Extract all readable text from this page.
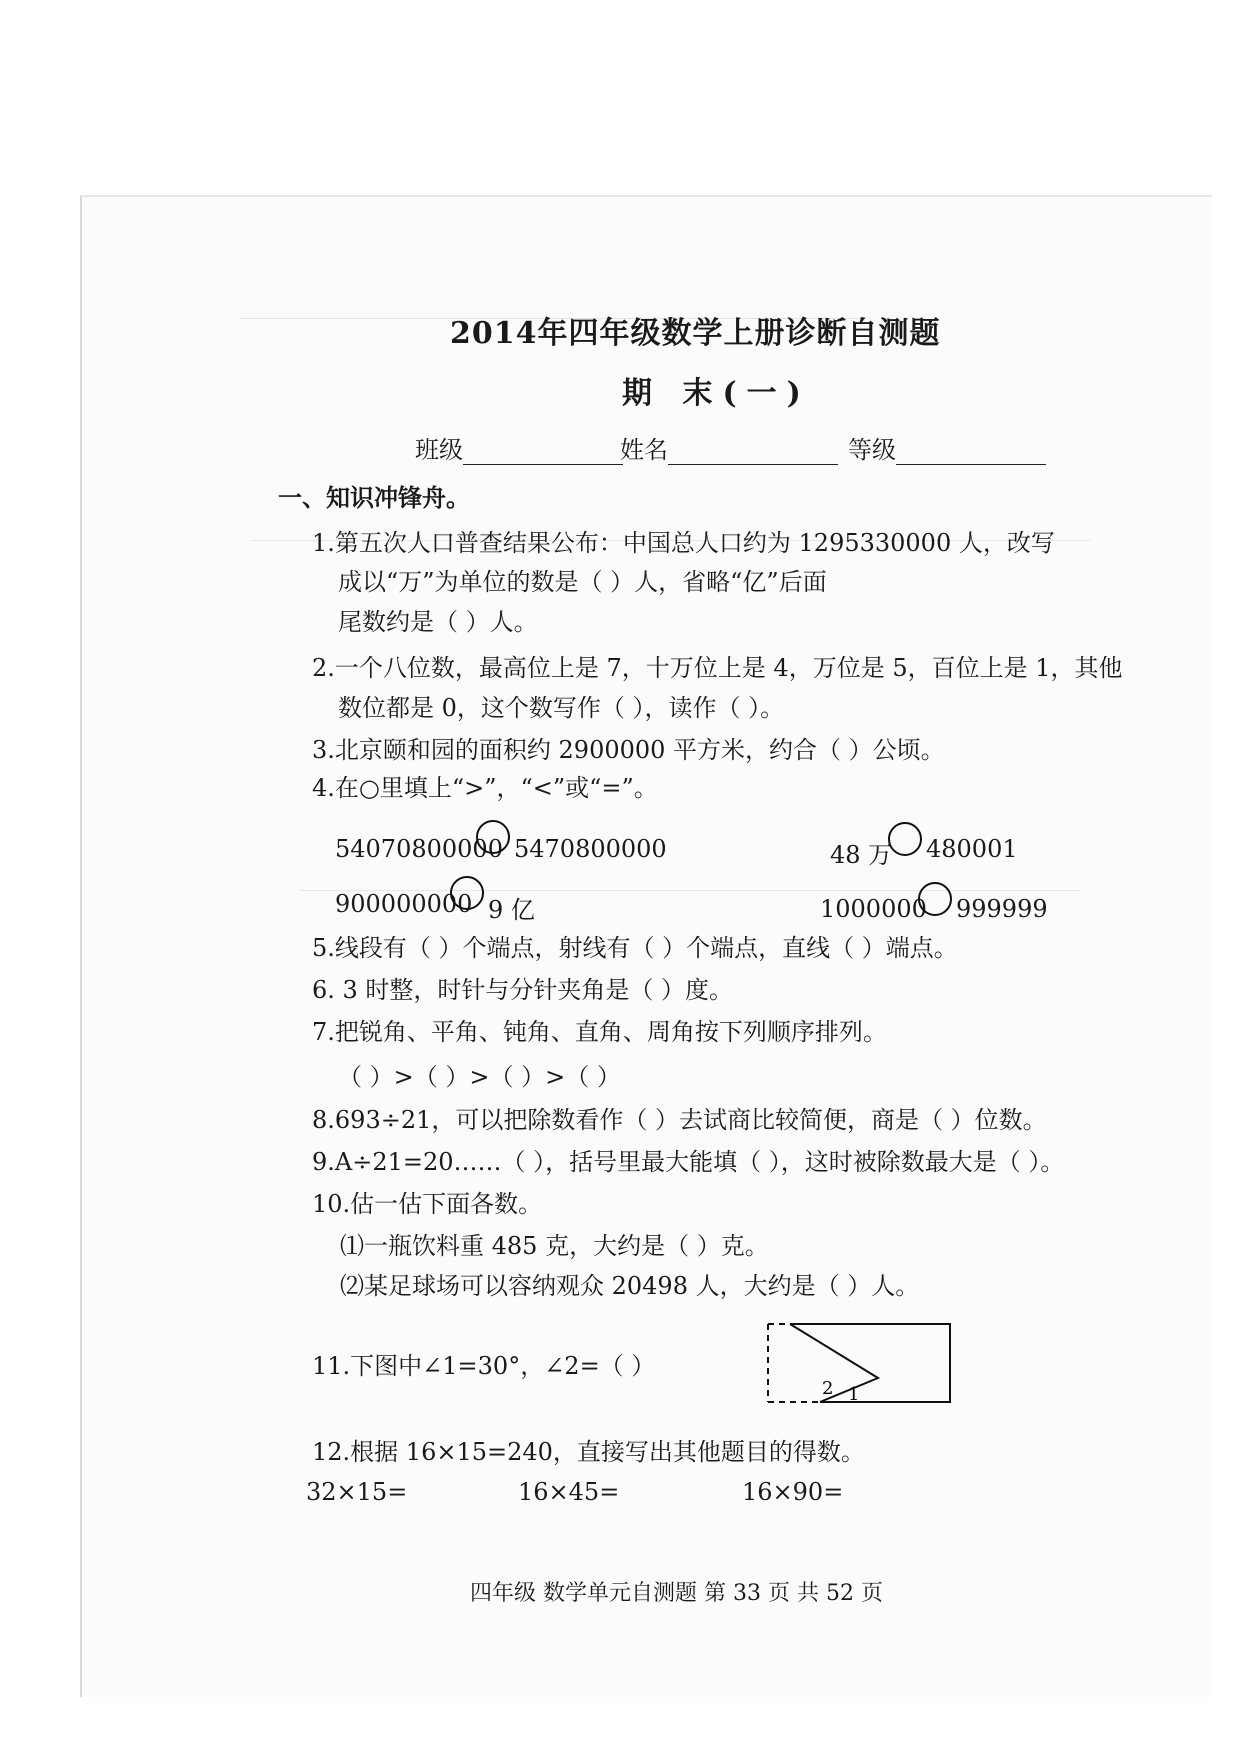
2014年四年级数学上册诊断自测题
期 末(一)
班级	姓名	等级
一、知识冲锋舟。
1.第五次人口普查结果公布：中国总人口约为 1295330000 人，改写
成以“万”为单位的数是（ ）人，省略“亿”后面
尾数约是（ ）人。
2.一个八位数，最高位上是 7，十万位上是 4，万位是 5，百位上是 1，其他
数位都是 0，这个数写作（ ），读作（ ）。
3.北京颐和园的面积约 2900000 平方米，约合（ ）公顷。
4.在○里填上“>”，“<”或“=”。
54070800000 5470800000	48 万 480001
900000000 9 亿	1000000 999999
5.线段有（ ）个端点，射线有（ ）个端点，直线（ ）端点。
6. 3 时整，时针与分针夹角是（ ）度。
7.把锐角、平角、钝角、直角、周角按下列顺序排列。
（ ）>（ ）>（ ）>（ ）
8.693÷21，可以把除数看作（ ）去试商比较简便，商是（ ）位数。
9.A÷21=20……（ ），括号里最大能填（ ），这时被除数最大是（ ）。
10.估一估下面各数。
⑴一瓶饮料重 485 克，大约是（ ）克。
⑵某足球场可以容纳观众 20498 人，大约是（ ）人。
11.下图中∠1=30°，∠2=（ ）
2 1
12.根据 16×15=240，直接写出其他题目的得数。
32×15=	16×45=	16×90=
四年级 数学单元自测题 第 33 页 共 52 页
